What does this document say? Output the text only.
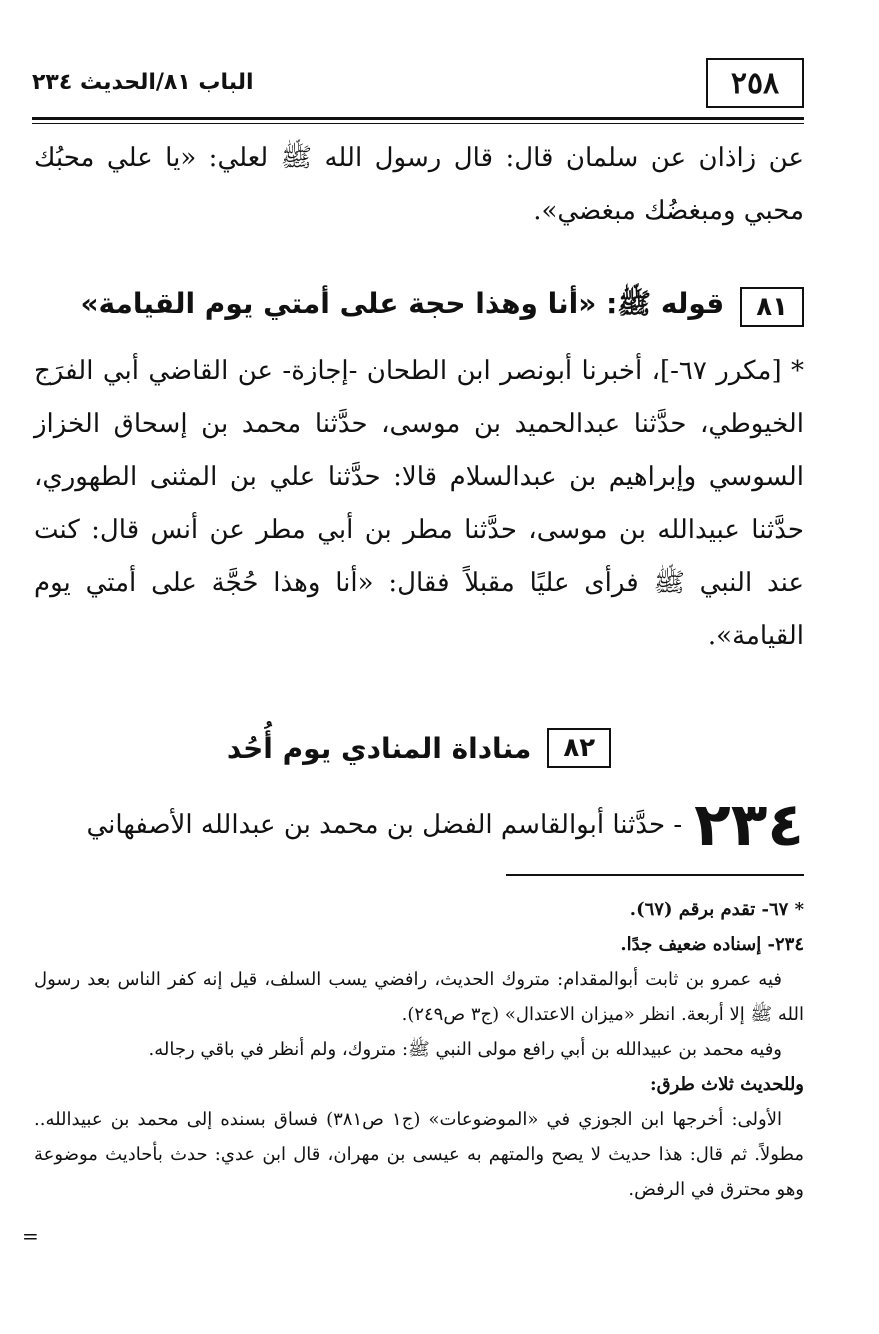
٢٥٨
الباب ٨١/الحديث ٢٣٤
عن زاذان عن سلمان قال: قال رسول الله ﷺ لعلي: «يا علي محبُك محبي ومبغضُك مبغضي».
٨١
قوله ﷺ: «أنا وهذا حجة على أمتي يوم القيامة»
* [مكرر ٦٧-]، أخبرنا أبونصر ابن الطحان -إجازة- عن القاضي أبي الفرَج الخيوطي، حدَّثنا عبدالحميد بن موسى، حدَّثنا محمد بن إسحاق الخزاز السوسي وإبراهيم بن عبدالسلام قالا: حدَّثنا علي بن المثنى الطهوري، حدَّثنا عبيدالله بن موسى، حدَّثنا مطر بن أبي مطر عن أنس قال: كنت عند النبي ﷺ فرأى عليًا مقبلاً فقال: «أنا وهذا حُجَّة على أمتي يوم القيامة».
٨٢
مناداة المنادي يوم أُحُد
٢٣٤
- حدَّثنا أبوالقاسم الفضل بن محمد بن عبدالله الأصفهاني

* ٦٧- تقدم برقم (٦٧).

٢٣٤- إسناده ضعيف جدًا.

فيه عمرو بن ثابت أبوالمقدام: متروك الحديث، رافضي يسب السلف، قيل إنه كفر الناس بعد رسول الله ﷺ إلا أربعة. انظر «ميزان الاعتدال» (ج٣ ص٢٤٩).

وفيه محمد بن عبيدالله بن أبي رافع مولى النبي ﷺ: متروك، ولم أنظر في باقي رجاله.

وللحديث ثلاث طرق:

الأولى: أخرجها ابن الجوزي في «الموضوعات» (ج١ ص٣٨١) فساق بسنده إلى محمد بن عبيدالله.. مطولاً. ثم قال: هذا حديث لا يصح والمتهم به عيسى بن مهران، قال ابن عدي: حدث بأحاديث موضوعة وهو محترق في الرفض.

=
